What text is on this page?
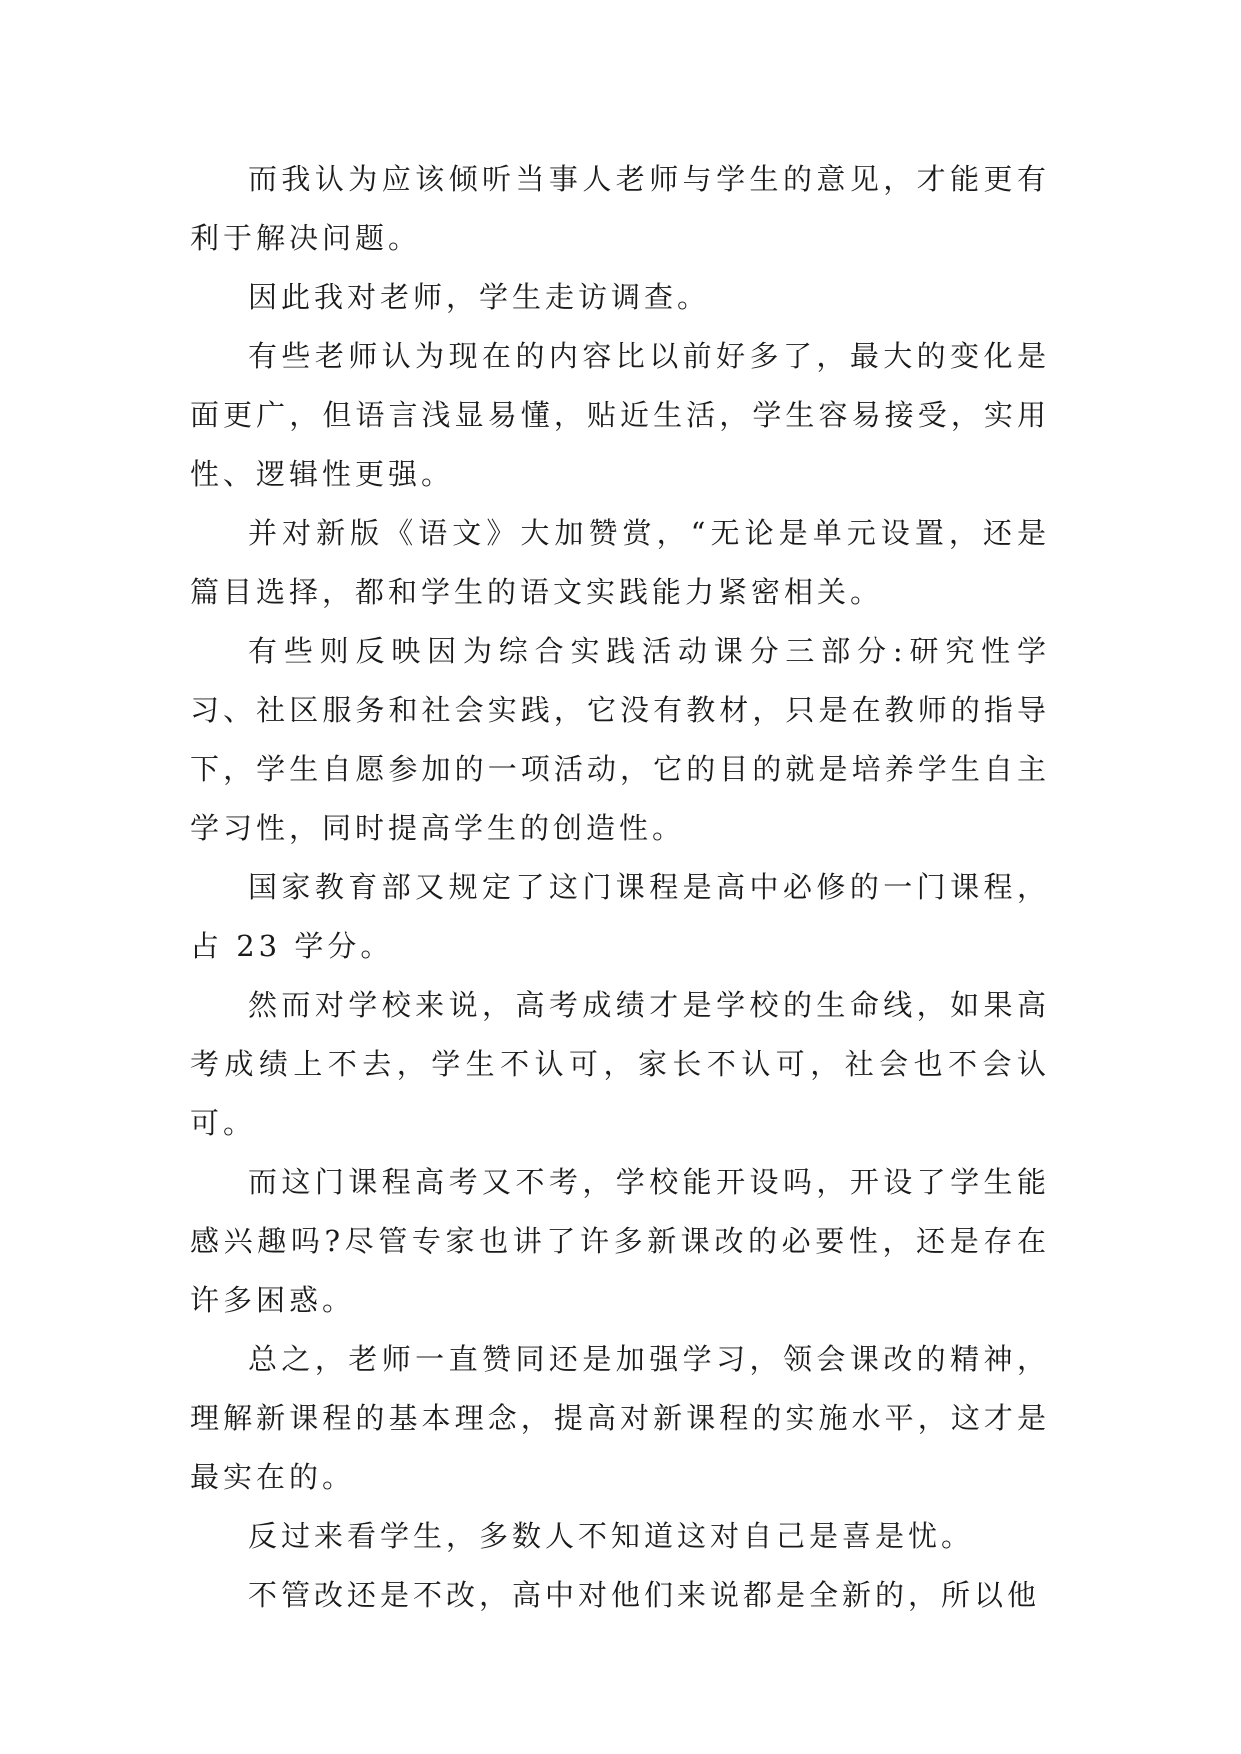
而我认为应该倾听当事人老师与学生的意见，才能更有利于解决问题。

因此我对老师，学生走访调查。

有些老师认为现在的内容比以前好多了，最大的变化是面更广，但语言浅显易懂，贴近生活，学生容易接受，实用性、逻辑性更强。

并对新版《语文》大加赞赏，“无论是单元设置，还是篇目选择，都和学生的语文实践能力紧密相关。

有些则反映因为综合实践活动课分三部分:研究性学习、社区服务和社会实践，它没有教材，只是在教师的指导下，学生自愿参加的一项活动，它的目的就是培养学生自主学习性，同时提高学生的创造性。

国家教育部又规定了这门课程是高中必修的一门课程，占 23 学分。

然而对学校来说，高考成绩才是学校的生命线，如果高考成绩上不去，学生不认可，家长不认可，社会也不会认可。

而这门课程高考又不考，学校能开设吗，开设了学生能感兴趣吗?尽管专家也讲了许多新课改的必要性，还是存在许多困惑。

总之，老师一直赞同还是加强学习，领会课改的精神，理解新课程的基本理念，提高对新课程的实施水平，这才是最实在的。

反过来看学生，多数人不知道这对自己是喜是忧。

不管改还是不改，高中对他们来说都是全新的，所以他
